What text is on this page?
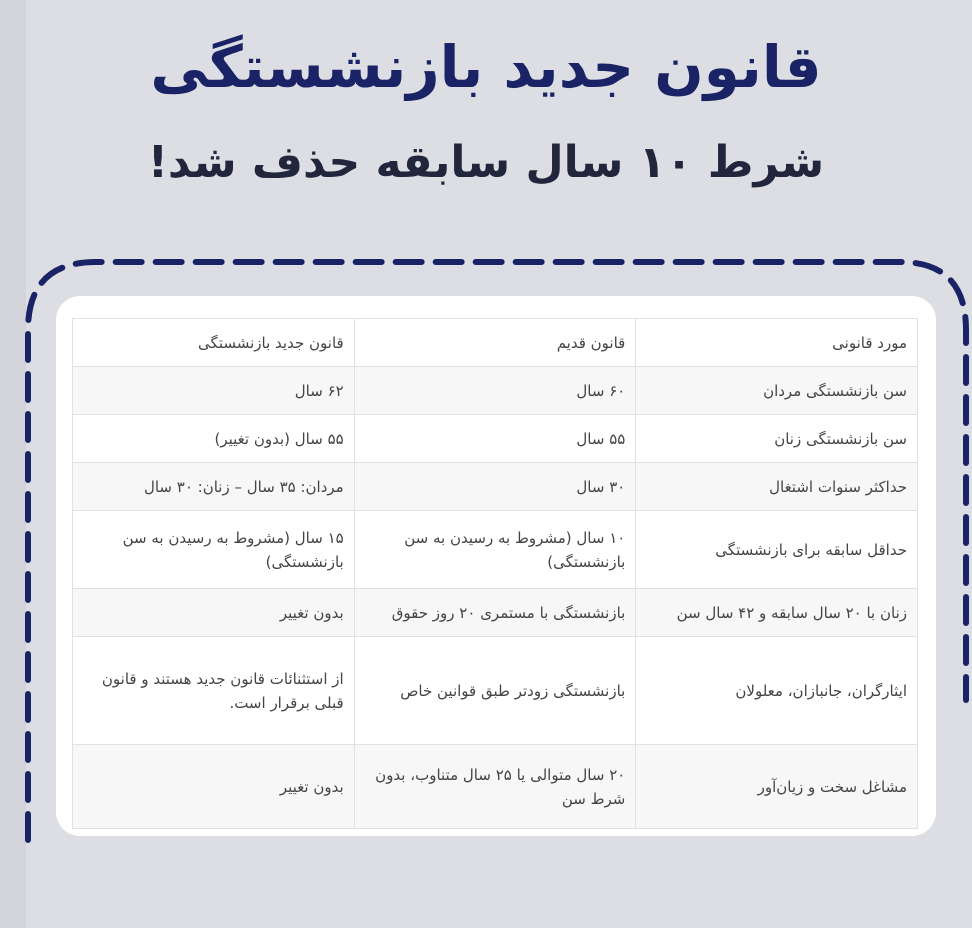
قانون جدید بازنشستگی
شرط ۱۰ سال سابقه حذف شد!
مورد قانونی	قانون قدیم	قانون جدید بازنشستگی
سن بازنشستگی مردان	۶۰ سال	۶۲ سال
سن بازنشستگی زنان	۵۵ سال	۵۵ سال (بدون تغییر)
حداکثر سنوات اشتغال	۳۰ سال	مردان: ۳۵ سال – زنان: ۳۰ سال
حداقل سابقه برای بازنشستگی	۱۰ سال (مشروط به رسیدن به سن بازنشستگی)	۱۵ سال (مشروط به رسیدن به سن بازنشستگی)
زنان با ۲۰ سال سابقه و ۴۲ سال سن	بازنشستگی با مستمری ۲۰ روز حقوق	بدون تغییر
ایثارگران، جانبازان، معلولان	بازنشستگی زودتر طبق قوانین خاص	از استثنائات قانون جدید هستند و قانون قبلی برقرار است.
مشاغل سخت و زیان‌آور	۲۰ سال متوالی یا ۲۵ سال متناوب، بدون شرط سن	بدون تغییر
